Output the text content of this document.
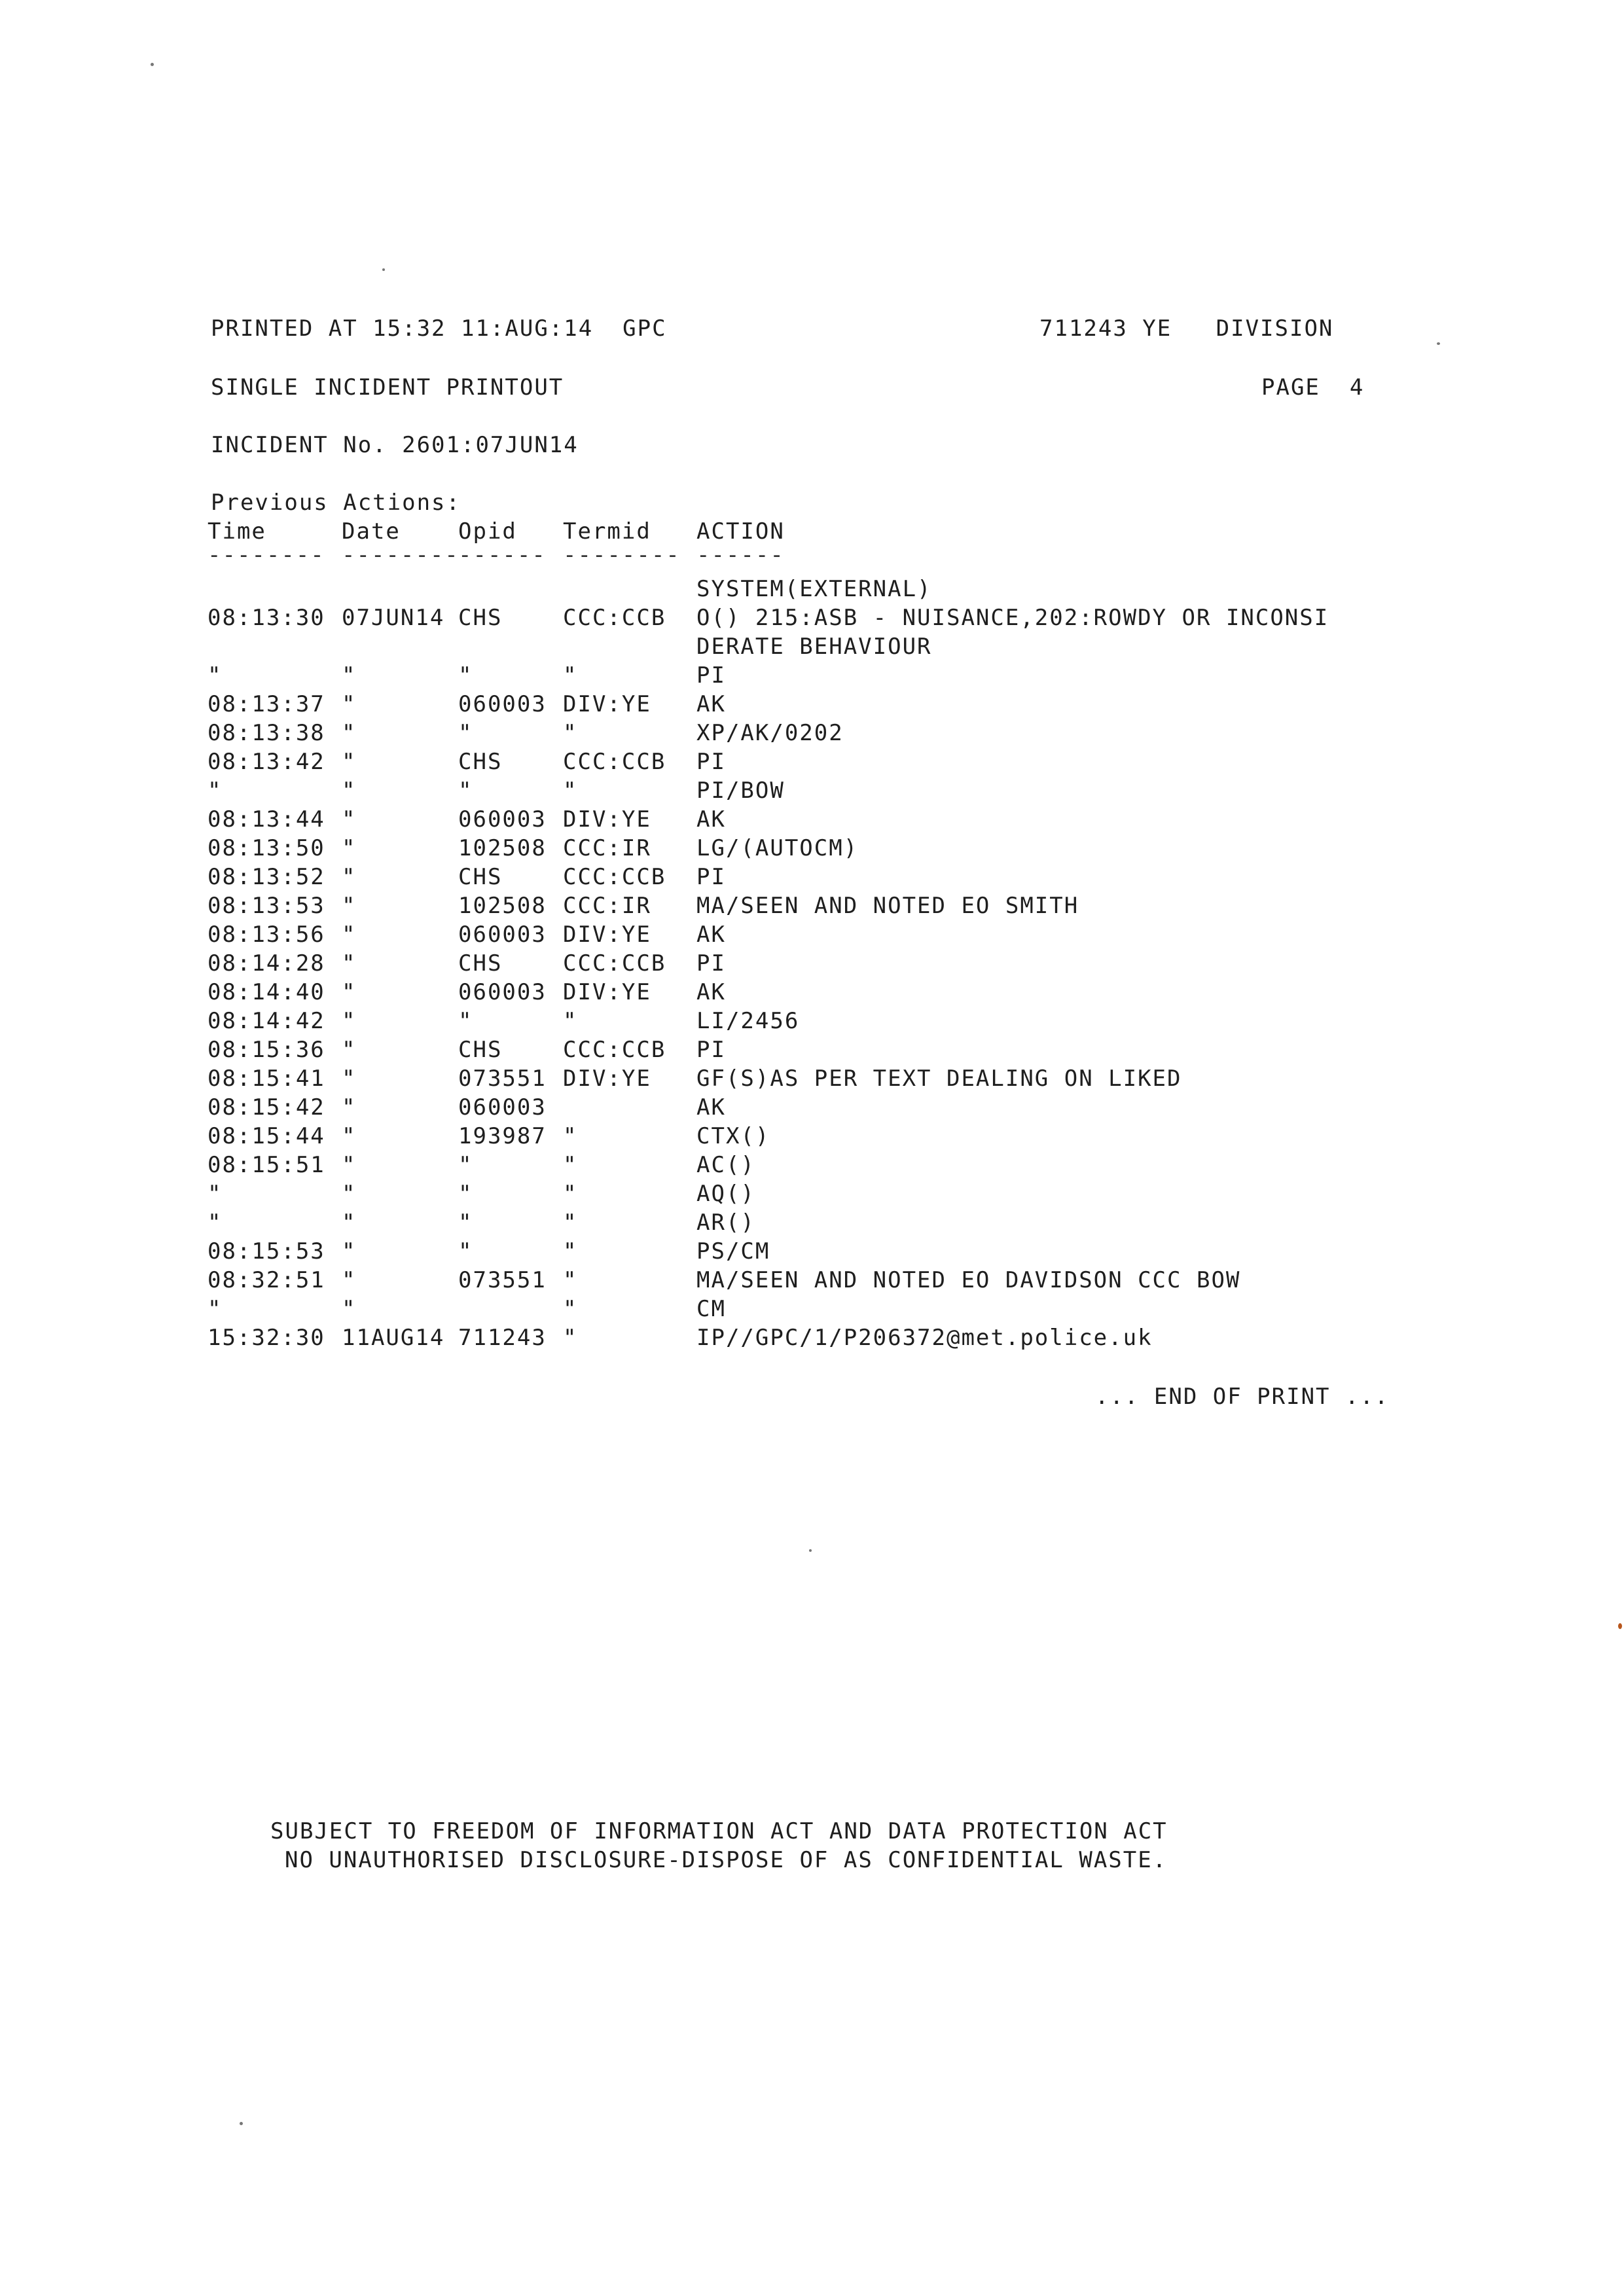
PRINTED AT 15:32 11:AUG:14  GPC	711243 YE   DIVISION
SINGLE INCIDENT PRINTOUT	PAGE  4
INCIDENT No. 2601:07JUN14
Previous Actions:
Time	Date	Opid Termid ACTION
-------- --------
------ -------- ------
SYSTEM(EXTERNAL)
08:13:30 07JUN14 CHS	CCC:CCB O() 215:ASB - NUISANCE,202:ROWDY OR INCONSI
DERATE BEHAVIOUR
"	"	"	"	PI
08:13:37 "	060003 DIV:YE AK
08:13:38 "	"	"	XP/AK/0202
08:13:42 "	CHS	CCC:CCB PI
"	"	"	"	PI/BOW
08:13:44 "	060003 DIV:YE AK
08:13:50 "	102508 CCC:IR LG/(AUTOCM)
08:13:52 "	CHS	CCC:CCB PI
08:13:53 "	102508 CCC:IR MA/SEEN AND NOTED EO SMITH
08:13:56 "	060003 DIV:YE AK
08:14:28 "	CHS	CCC:CCB PI
08:14:40 "	060003 DIV:YE AK
08:14:42 "	"	"	LI/2456
08:15:36 "	CHS	CCC:CCB PI
08:15:41 "	073551 DIV:YE GF(S)AS PER TEXT DEALING ON LIKED
08:15:42 "	060003	AK
08:15:44 "	193987 "	CTX()
08:15:51 "	"	"	AC()
"	"	"	"	AQ()
"	"	"	"	AR()
08:15:53 "	"	"	PS/CM
08:32:51 "	073551 "	MA/SEEN AND NOTED EO DAVIDSON CCC BOW
"	"	"	CM
15:32:30 11AUG14 711243 "	IP//GPC/1/P206372@met.police.uk
... END OF PRINT ...
SUBJECT TO FREEDOM OF INFORMATION ACT AND DATA PROTECTION ACT
NO UNAUTHORISED DISCLOSURE-DISPOSE OF AS CONFIDENTIAL WASTE.
